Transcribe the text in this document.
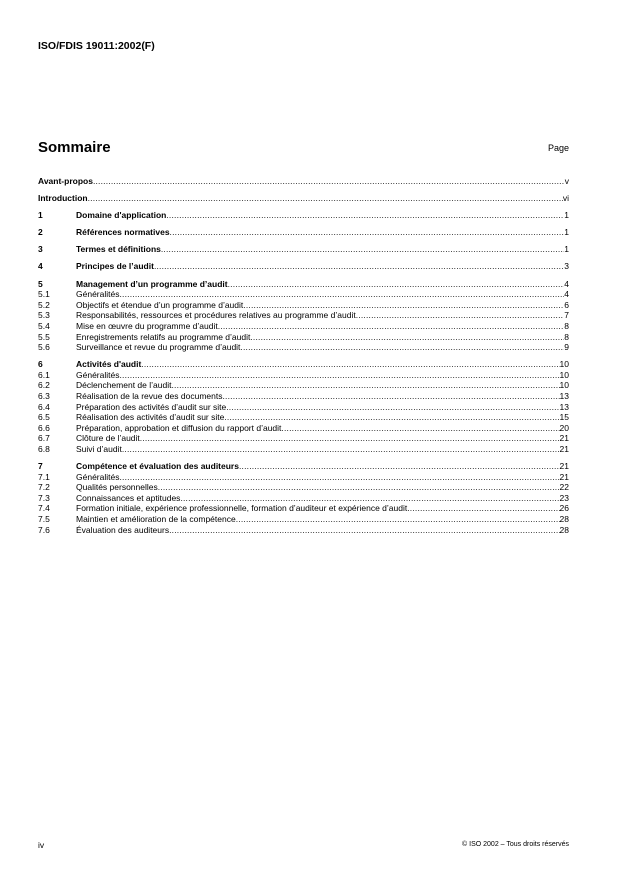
ISO/FDIS 19011:2002(F)
Sommaire	Page
Avant-propos .....	v
Introduction .....	vi
1	Domaine d'application .....	1
2	Références normatives .....	1
3	Termes et définitions .....	1
4	Principes de l’audit .....	3
5	Management d’un programme d’audit .....	4
5.1	Généralités .....	4
5.2	Objectifs et étendue d’un programme d’audit .....	6
5.3	Responsabilités, ressources et procédures relatives au programme d’audit .....	7
5.4	Mise en œuvre du programme d’audit .....	8
5.5	Enregistrements relatifs au programme d’audit .....	8
5.6	Surveillance et revue du programme d’audit .....	9
6	Activités d'audit .....	10
6.1	Généralités .....	10
6.2	Déclenchement de l’audit .....	10
6.3	Réalisation de la revue des documents .....	13
6.4	Préparation des activités d’audit sur site .....	13
6.5	Réalisation des activités d’audit sur site .....	15
6.6	Préparation, approbation et diffusion du rapport d’audit .....	20
6.7	Clôture de l’audit .....	21
6.8	Suivi d’audit .....	21
7	Compétence et évaluation des auditeurs .....	21
7.1	Généralités .....	21
7.2	Qualités personnelles .....	22
7.3	Connaissances et aptitudes .....	23
7.4	Formation initiale, expérience professionnelle, formation d’auditeur et expérience d’audit .....	26
7.5	Maintien et amélioration de la compétence .....	28
7.6	Évaluation des auditeurs .....	28
iv	© ISO 2002 – Tous droits réservés
